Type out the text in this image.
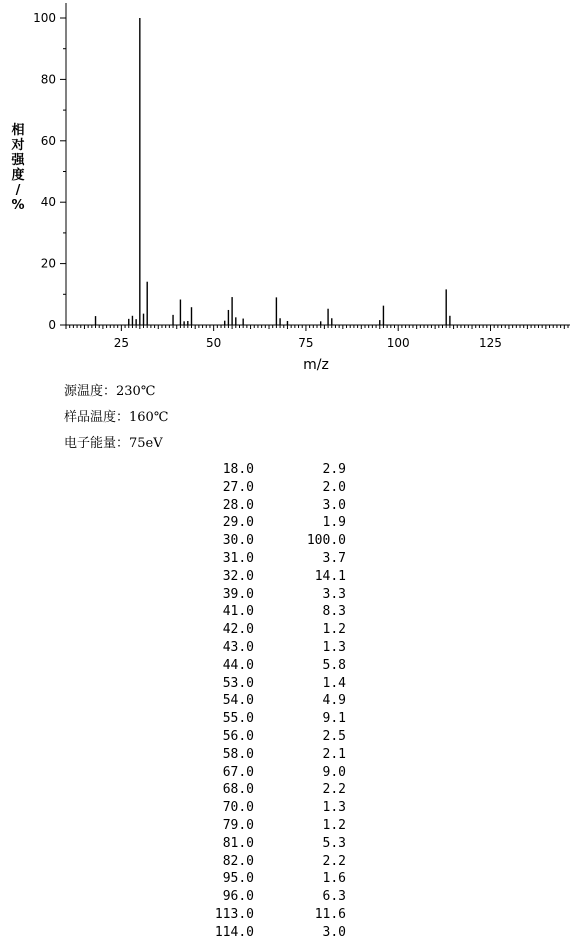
25	50	75	100	125
0
20
40
60
80
100
m/z
相
对
强
度
/
%
源温度：230℃
样品温度：160℃
电子能量：75eV
18.0	2.9
27.0	2.0
28.0	3.0
29.0	1.9
30.0	100.0
31.0	3.7
32.0	14.1
39.0	3.3
41.0	8.3
42.0	1.2
43.0	1.3
44.0	5.8
53.0	1.4
54.0	4.9
55.0	9.1
56.0	2.5
58.0	2.1
67.0	9.0
68.0	2.2
70.0	1.3
79.0	1.2
81.0	5.3
82.0	2.2
95.0	1.6
96.0	6.3
113.0	11.6
114.0	3.0
